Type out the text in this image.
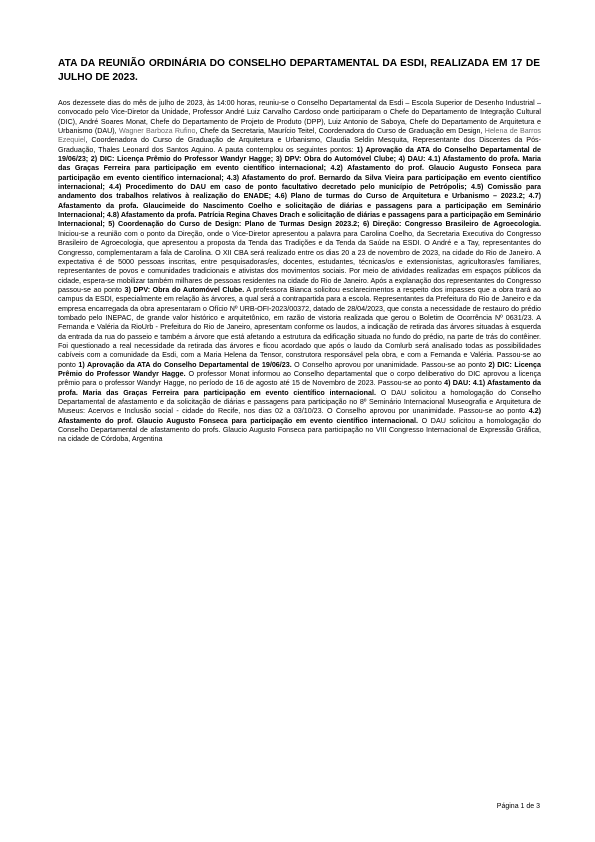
ATA DA REUNIÃO ORDINÁRIA DO CONSELHO DEPARTAMENTAL DA ESDI, REALIZADA EM 17 DE JULHO DE 2023.
Aos dezessete dias do mês de julho de 2023, às 14:00 horas, reuniu-se o Conselho Departamental da Esdi – Escola Superior de Desenho Industrial – convocado pelo Vice-Diretor da Unidade, Professor André Luiz Carvalho Cardoso onde participaram o Chefe do Departamento de Integração Cultural (DIC), André Soares Monat, Chefe do Departamento de Projeto de Produto (DPP), Luiz Antonio de Saboya, Chefe do Departamento de Arquitetura e Urbanismo (DAU), Wagner Barboza Rufino, Chefe da Secretaria, Maurício Teitel, Coordenadora do Curso de Graduação em Design, Helena de Barros Ezequiel, Coordenadora do Curso de Graduação de Arquitetura e Urbanismo, Claudia Seldin Mesquita, Representante dos Discentes da Pós-Graduação, Thales Leonard dos Santos Aquino. A pauta contemplou os seguintes pontos: 1) Aprovação da ATA do Conselho Departamental de 19/06/23; 2) DIC: Licença Prêmio do Professor Wandyr Hagge; 3) DPV: Obra do Automóvel Clube; 4) DAU: 4.1) Afastamento do profa. Maria das Graças Ferreira para participação em evento científico internacional; 4.2) Afastamento do prof. Glaucio Augusto Fonseca para participação em evento científico internacional; 4.3) Afastamento do prof. Bernardo da Silva Vieira para participação em evento científico internacional; 4.4) Procedimento do DAU em caso de ponto facultativo decretado pelo município de Petrópolis; 4.5) Comissão para andamento dos trabalhos relativos à realização do ENADE; 4.6) Plano de turmas do Curso de Arquitetura e Urbanismo – 2023.2; 4.7) Afastamento da profa. Glaucimeide do Nascimento Coelho e solicitação de diárias e passagens para a participação em Seminário Internacional; 4.8) Afastamento da profa. Patrícia Regina Chaves Drach e solicitação de diárias e passagens para a participação em Seminário Internacional; 5) Coordenação do Curso de Design: Plano de Turmas Design 2023.2; 6) Direção: Congresso Brasileiro de Agroecologia. Iniciou-se a reunião com o ponto da Direção, onde o Vice-Diretor apresentou a palavra para Carolina Coelho, da Secretaria Executiva do Congresso Brasileiro de Agroecologia, que apresentou a proposta da Tenda das Tradições e da Tenda da Saúde na ESDI. O André e a Tay, representantes do Congresso, complementaram a fala de Carolina. O XII CBA será realizado entre os dias 20 a 23 de novembro de 2023, na cidade do Rio de Janeiro. A expectativa é de 5000 pessoas inscritas, entre pesquisadoras/es, docentes, estudantes, técnicas/os e extensionistas, agricultoras/es familiares, representantes de povos e comunidades tradicionais e ativistas dos movimentos sociais. Por meio de atividades realizadas em espaços públicos da cidade, espera-se mobilizar também milhares de pessoas residentes na cidade do Rio de Janeiro. Após a explanação dos representantes do Congresso passou-se ao ponto 3) DPV: Obra do Automóvel Clube. A professora Bianca solicitou esclarecimentos a respeito dos impasses que a obra trará ao campus da ESDI, especialmente em relação às árvores, a qual será a contrapartida para a escola. Representantes da Prefeitura do Rio de Janeiro e da empresa encarregada da obra apresentaram o Ofício Nº URB-OFI-2023/00372, datado de 28/04/2023, que consta a necessidade de restauro do prédio tombado pelo INEPAC, de grande valor histórico e arquitetônico, em razão de vistoria realizada que gerou o Boletim de Ocorrência Nº 0631/23. A Fernanda e Valéria da RioUrb - Prefeitura do Rio de Janeiro, apresentam conforme os laudos, a indicação de retirada das árvores situadas à esquerda da entrada da rua do passeio e também a árvore que está afetando a estrutura da edificação situada no fundo do prédio, na parte de trás do contêiner. Foi questionado a real necessidade da retirada das árvores e ficou acordado que após o laudo da Comlurb será analisado todas as possibilidades cabíveis com a comunidade da Esdi, com a Maria Helena da Tensor, construtora responsável pela obra, e com a Fernanda e Valéria. Passou-se ao ponto 1) Aprovação da ATA do Conselho Departamental de 19/06/23. O Conselho aprovou por unanimidade. Passou-se ao ponto 2) DIC: Licença Prêmio do Professor Wandyr Hagge. O professor Monat informou ao Conselho departamental que o corpo deliberativo do DIC aprovou a licença prêmio para o professor Wandyr Hagge, no período de 16 de agosto até 15 de Novembro de 2023. Passou-se ao ponto 4) DAU: 4.1) Afastamento da profa. Maria das Graças Ferreira para participação em evento científico internacional. O DAU solicitou a homologação do Conselho Departamental de afastamento e da solicitação de diárias e passagens para participação no 8º Seminário Internacional Museografia e Arquitetura de Museus: Acervos e Inclusão social - cidade do Recife, nos dias 02 a 03/10/23. O Conselho aprovou por unanimidade. Passou-se ao ponto 4.2) Afastamento do prof. Glaucio Augusto Fonseca para participação em evento científico internacional. O DAU solicitou a homologação do Conselho Departamental de afastamento do profs. Glaucio Augusto Fonseca para participação no VIII Congresso Internacional de Expressão Gráfica, na cidade de Córdoba, Argentina
Página 1 de 3
